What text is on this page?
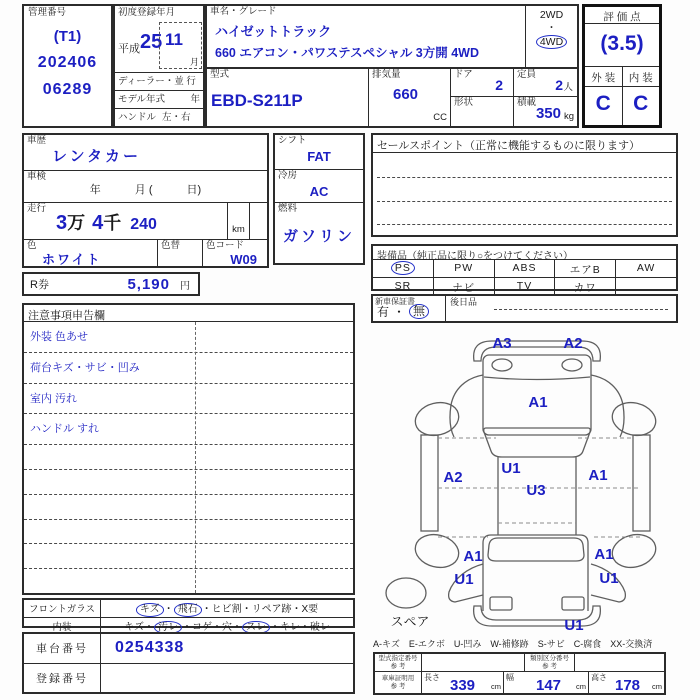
管理番号
(T1)
202406
06289
初度登録年月
平成 25 11
月
ディーラー・並 行
モデル年式	年
ハンドル 左・右
車名・グレード
ハイゼットトラック
660 エアコン・パワステスペシャル 3方開 4WD
2WD
・
4WD
型式
EBD-S211P
排気量
660
CC
ドア
2
形状
定員
2 人
積載
350 kg
評 価 点
(3.5)
外 装	内 装
C	C
車歴
レンタカー
車検
年	月 (	日)
走行
3 万 4 千 240	km
色
ホワイト
色替	色コード
W09
シフト
FAT
冷房
AC
燃料
ガソリン
R券	5,190 円
セールスポイント（正常に機能するものに限ります）
装備品（純正品に限り○をつけてください）
PS	PW	ABS	エアB	AW
SR	ナビ	TV	カワ
新車保証書
有 ・ 無
後日品
注意事項申告欄
外装 色あせ
荷台キズ・サビ・凹み
室内 汚れ
ハンドル すれ
フロントガラス	キズ ・ 飛石 ・ヒビ割・リペア跡・X要
内装	キズ・ 汚レ ・コゲ・穴・ スレ ・キレ・破レ
車台番号	0254338
登録番号
A3	A2
A1
A2
U1
U3
A1
A1
U1
A1
U1
U1
スペア
A-キズ E-エクボ U-凹み W-補修跡 S-サビ C-腐食 XX-交換済
型式指定番号
参 考
類別区分番号
参 考
車庫証明用
参 考
長さ 339 cm
幅 147 cm
高さ 178 cm
